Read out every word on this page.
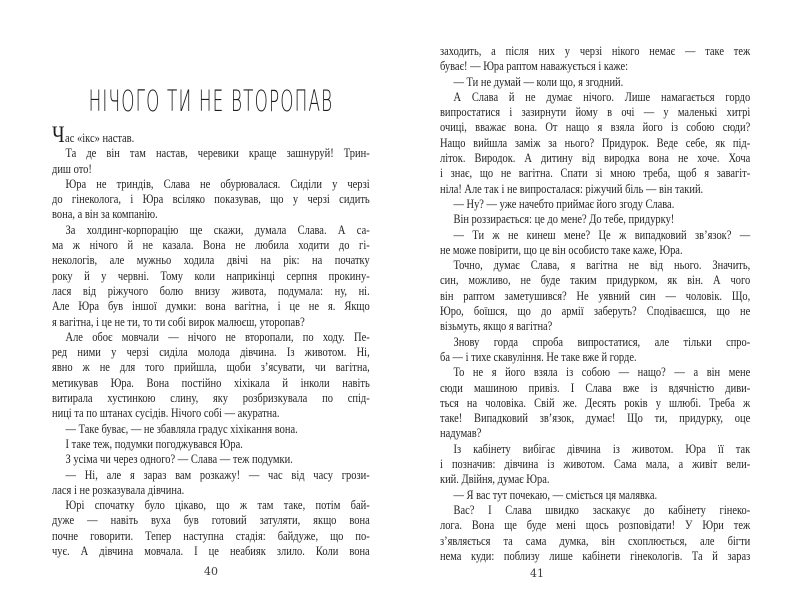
НІЧОГО ТИ НЕ ВТОРОПАВ
Час «ікс» настав.
Та де він там настав, черевики краще зашнуруй! Трин-
диш ото!
Юра не триндів, Слава не обурювалася. Сиділи у черзі
до гінеколога, і Юра всіляко показував, що у черзі сидить
вона, а він за компанію.
За холдинг-корпорацію ще скажи, думала Слава. А са-
ма ж нічого й не казала. Вона не любила ходити до гі-
некологів, але мужньо ходила двічі на рік: на початку
року й у червні. Тому коли наприкінці серпня прокину-
лася від ріжучого болю внизу живота, подумала: ну, ні.
Але Юра був іншої думки: вона вагітна, і це не я. Якщо
я вагітна, і це не ти, то ти собі вирок малюєш, уторопав?
Але обоє мовчали — нічого не второпали, по ходу. Пе-
ред ними у черзі сиділа молода дівчина. Із животом. Ні,
явно ж не для того прийшла, щоби з’ясувати, чи вагітна,
метикував Юра. Вона постійно хіхікала й інколи навіть
витирала хустинкою слину, яку розбризкувала по спід-
ниці та по штанах сусідів. Нічого собі — акуратна.
— Таке буває, — не збавляла градус хіхікання вона.
І таке теж, подумки погоджувався Юра.
З усіма чи через одного? — Слава — теж подумки.
— Ні, але я зараз вам розкажу! — час від часу грози-
лася і не розказувала дівчина.
Юрі спочатку було цікаво, що ж там таке, потім бай-
дуже — навіть вуха був готовий затуляти, якщо вона
почне говорити. Тепер наступна стадія: байдуже, що по-
чує. А дівчина мовчала. І це неабияк злило. Коли вона
40
заходить, а після них у черзі нікого немає — таке теж
буває! — Юра раптом наважується і каже:
— Ти не думай — коли що, я згодний.
А Слава й не думає нічого. Лише намагається гордо
випростатися і зазирнути йому в очі — у маленькі хитрі
очиці, вважає вона. От нащо я взяла його із собою сюди?
Нащо вийшла заміж за нього? Придурок. Веде себе, як під-
літок. Виродок. А дитину від виродка вона не хоче. Хоча
і знає, що не вагітна. Спати зі мною треба, щоб я завагіт-
ніла! Але так і не випросталася: ріжучий біль — він такий.
— Ну? — уже начебто приймає його згоду Слава.
Він роззирається: це до мене? До тебе, придурку!
— Ти ж не кинеш мене? Це ж випадковий зв’язок? —
не може повірити, що це він особисто таке каже, Юра.
Точно, думає Слава, я вагітна не від нього. Значить,
син, можливо, не буде таким придурком, як він. А чого
він раптом заметушився? Не уявний син — чоловік. Що,
Юро, боїшся, що до армії заберуть? Сподіваєшся, що не
візьмуть, якщо я вагітна?
Знову горда спроба випростатися, але тільки спро-
ба — і тихе скавуління. Не таке вже й горде.
То не я його взяла із собою — нащо? — а він мене
сюди машиною привіз. І Слава вже із вдячністю диви-
ться на чоловіка. Свій же. Десять років у шлюбі. Треба ж
таке! Випадковий зв’язок, думає! Що ти, придурку, оце
надумав?
Із кабінету вибігає дівчина із животом. Юра її так
і позначив: дівчина із животом. Сама мала, а живіт вели-
кий. Двійня, думає Юра.
— Я вас тут почекаю, — сміється ця малявка.
Вас? І Слава швидко заскакує до кабінету гінеко-
лога. Вона ще буде мені щось розповідати! У Юри теж
з’являється та сама думка, він схоплюється, але бігти
нема куди: поблизу лише кабінети гінекологів. Та й зараз
41
